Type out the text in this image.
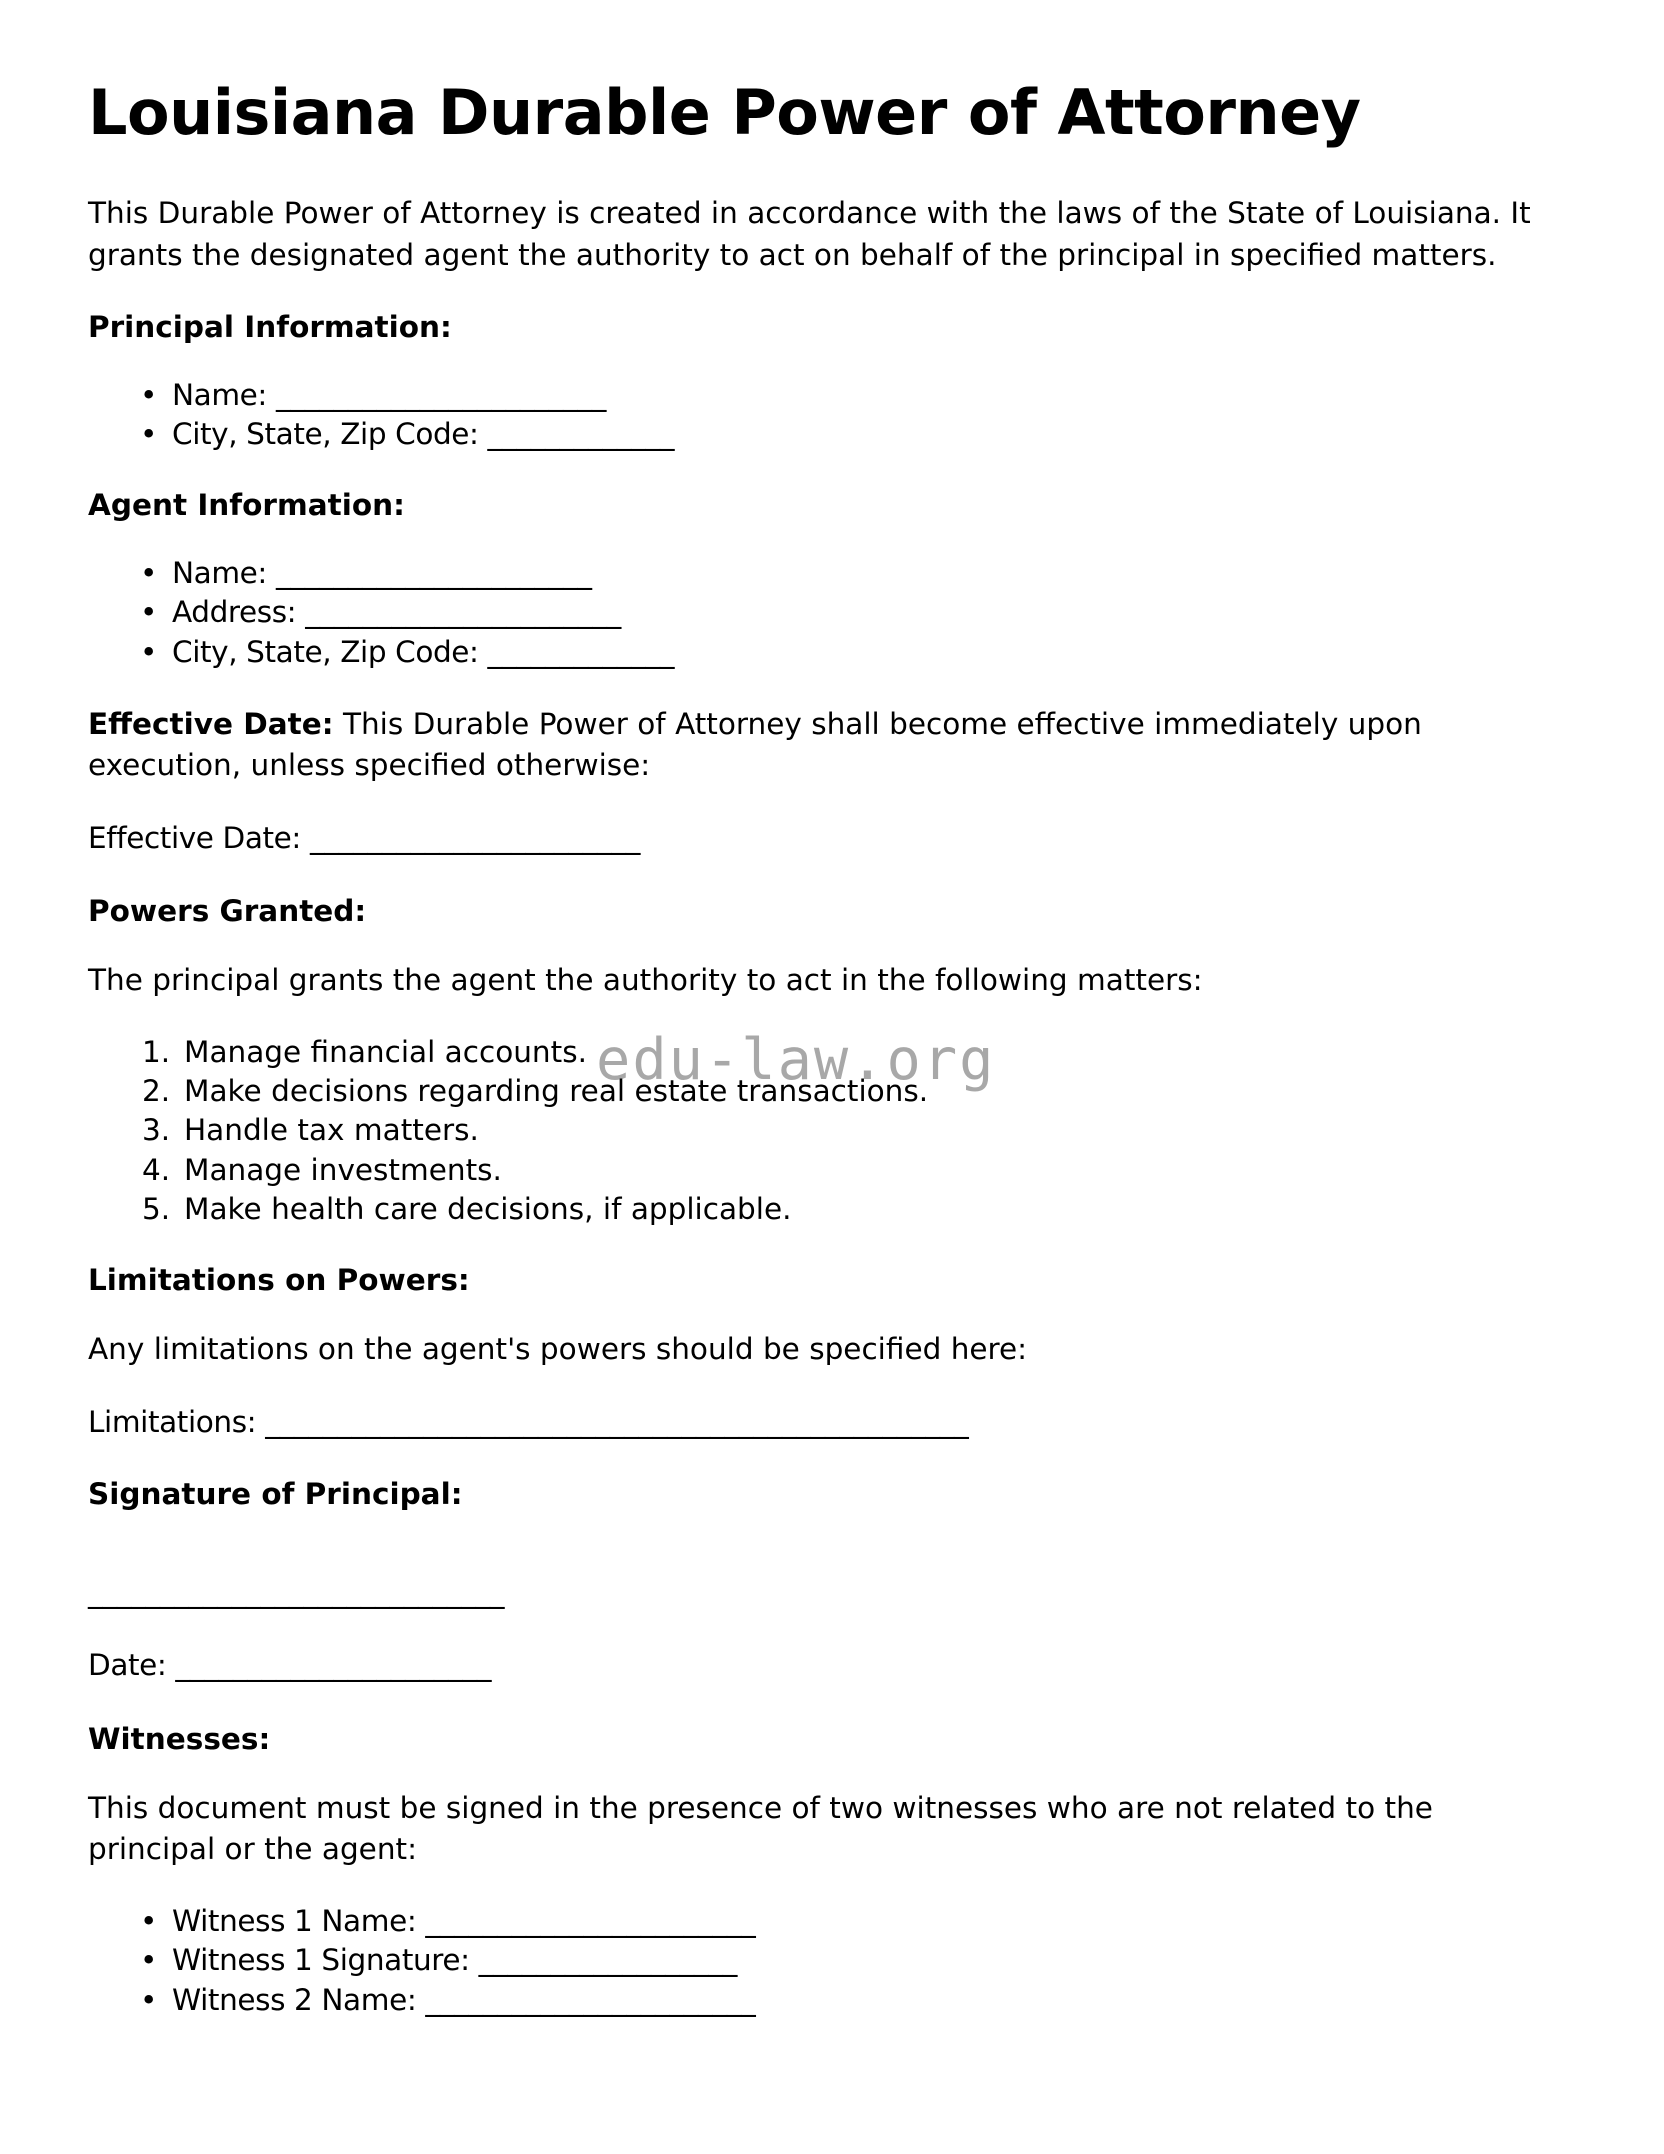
edu-law.org
Louisiana Durable Power of Attorney

This Durable Power of Attorney is created in accordance with the laws of the State of Louisiana. It grants the designated agent the authority to act on behalf of the principal in specified matters.

Principal Information:
• Name: _______________________
• City, State, Zip Code: _____________
Agent Information:
• Name: ______________________
• Address: ______________________
• City, State, Zip Code: _____________

Effective Date: This Durable Power of Attorney shall become effective immediately upon execution, unless specified otherwise:

Effective Date: _______________________

Powers Granted:

The principal grants the agent the authority to act in the following matters:

Manage financial accounts.
Make decisions regarding real estate transactions.
Handle tax matters.
Manage investments.
Make health care decisions, if applicable.
Limitations on Powers:

Any limitations on the agent's powers should be specified here:

Limitations: _________________________________________________

Signature of Principal:

_____________________________

Date: ______________________

Witnesses:

This document must be signed in the presence of two witnesses who are not related to the principal or the agent:

• Witness 1 Name: _______________________
• Witness 1 Signature: __________________
• Witness 2 Name: _______________________
